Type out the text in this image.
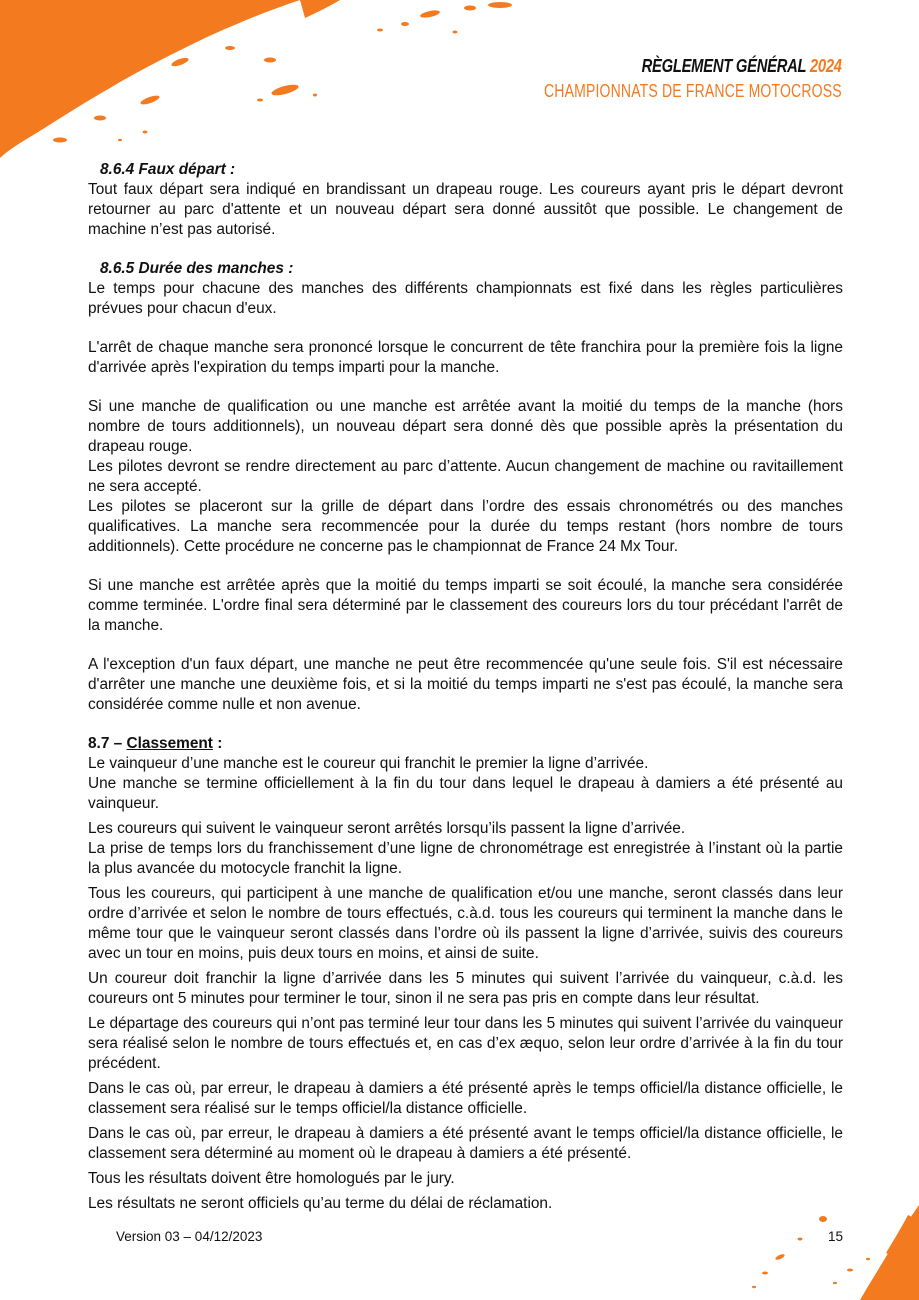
RÈGLEMENT GÉNÉRAL 2024
CHAMPIONNATS DE FRANCE MOTOCROSS

8.6.4 Faux départ :

Tout faux départ sera indiqué en brandissant un drapeau rouge. Les coureurs ayant pris le départ devront retourner au parc d'attente et un nouveau départ sera donné aussitôt que possible. Le changement de machine n’est pas autorisé.

8.6.5 Durée des manches :

Le temps pour chacune des manches des différents championnats est fixé dans les règles particulières prévues pour chacun d'eux.

L'arrêt de chaque manche sera prononcé lorsque le concurrent de tête franchira pour la première fois la ligne d'arrivée après l'expiration du temps imparti pour la manche.

Si une manche de qualification ou une manche est arrêtée avant la moitié du temps de la manche (hors nombre de tours additionnels), un nouveau départ sera donné dès que possible après la présentation du drapeau rouge.

Les pilotes devront se rendre directement au parc d’attente. Aucun changement de machine ou ravitaillement ne sera accepté.

Les pilotes se placeront sur la grille de départ dans l’ordre des essais chronométrés ou des manches qualificatives. La manche sera recommencée pour la durée du temps restant (hors nombre de tours additionnels). Cette procédure ne concerne pas le championnat de France 24 Mx Tour.

Si une manche est arrêtée après que la moitié du temps imparti se soit écoulé, la manche sera considérée comme terminée. L'ordre final sera déterminé par le classement des coureurs lors du tour précédant l'arrêt de la manche.

A l'exception d'un faux départ, une manche ne peut être recommencée qu'une seule fois. S'il est nécessaire d'arrêter une manche une deuxième fois, et si la moitié du temps imparti ne s'est pas écoulé, la manche sera considérée comme nulle et non avenue.

8.7 – Classement :

Le vainqueur d’une manche est le coureur qui franchit le premier la ligne d’arrivée.

Une manche se termine officiellement à la fin du tour dans lequel le drapeau à damiers a été présenté au vainqueur.

Les coureurs qui suivent le vainqueur seront arrêtés lorsqu’ils passent la ligne d’arrivée.

La prise de temps lors du franchissement d’une ligne de chronométrage est enregistrée à l’instant où la partie la plus avancée du motocycle franchit la ligne.

Tous les coureurs, qui participent à une manche de qualification et/ou une manche, seront classés dans leur ordre d’arrivée et selon le nombre de tours effectués, c.à.d. tous les coureurs qui terminent la manche dans le même tour que le vainqueur seront classés dans l’ordre où ils passent la ligne d’arrivée, suivis des coureurs avec un tour en moins, puis deux tours en moins, et ainsi de suite.

Un coureur doit franchir la ligne d’arrivée dans les 5 minutes qui suivent l’arrivée du vainqueur, c.à.d. les coureurs ont 5 minutes pour terminer le tour, sinon il ne sera pas pris en compte dans leur résultat.

Le départage des coureurs qui n’ont pas terminé leur tour dans les 5 minutes qui suivent l’arrivée du vainqueur sera réalisé selon le nombre de tours effectués et, en cas d’ex æquo, selon leur ordre d’arrivée à la fin du tour précédent.

Dans le cas où, par erreur, le drapeau à damiers a été présenté après le temps officiel/la distance officielle, le classement sera réalisé sur le temps officiel/la distance officielle.

Dans le cas où, par erreur, le drapeau à damiers a été présenté avant le temps officiel/la distance officielle, le classement sera déterminé au moment où le drapeau à damiers a été présenté.

Tous les résultats doivent être homologués par le jury.

Les résultats ne seront officiels qu’au terme du délai de réclamation.

Version 03 – 04/12/2023	15
